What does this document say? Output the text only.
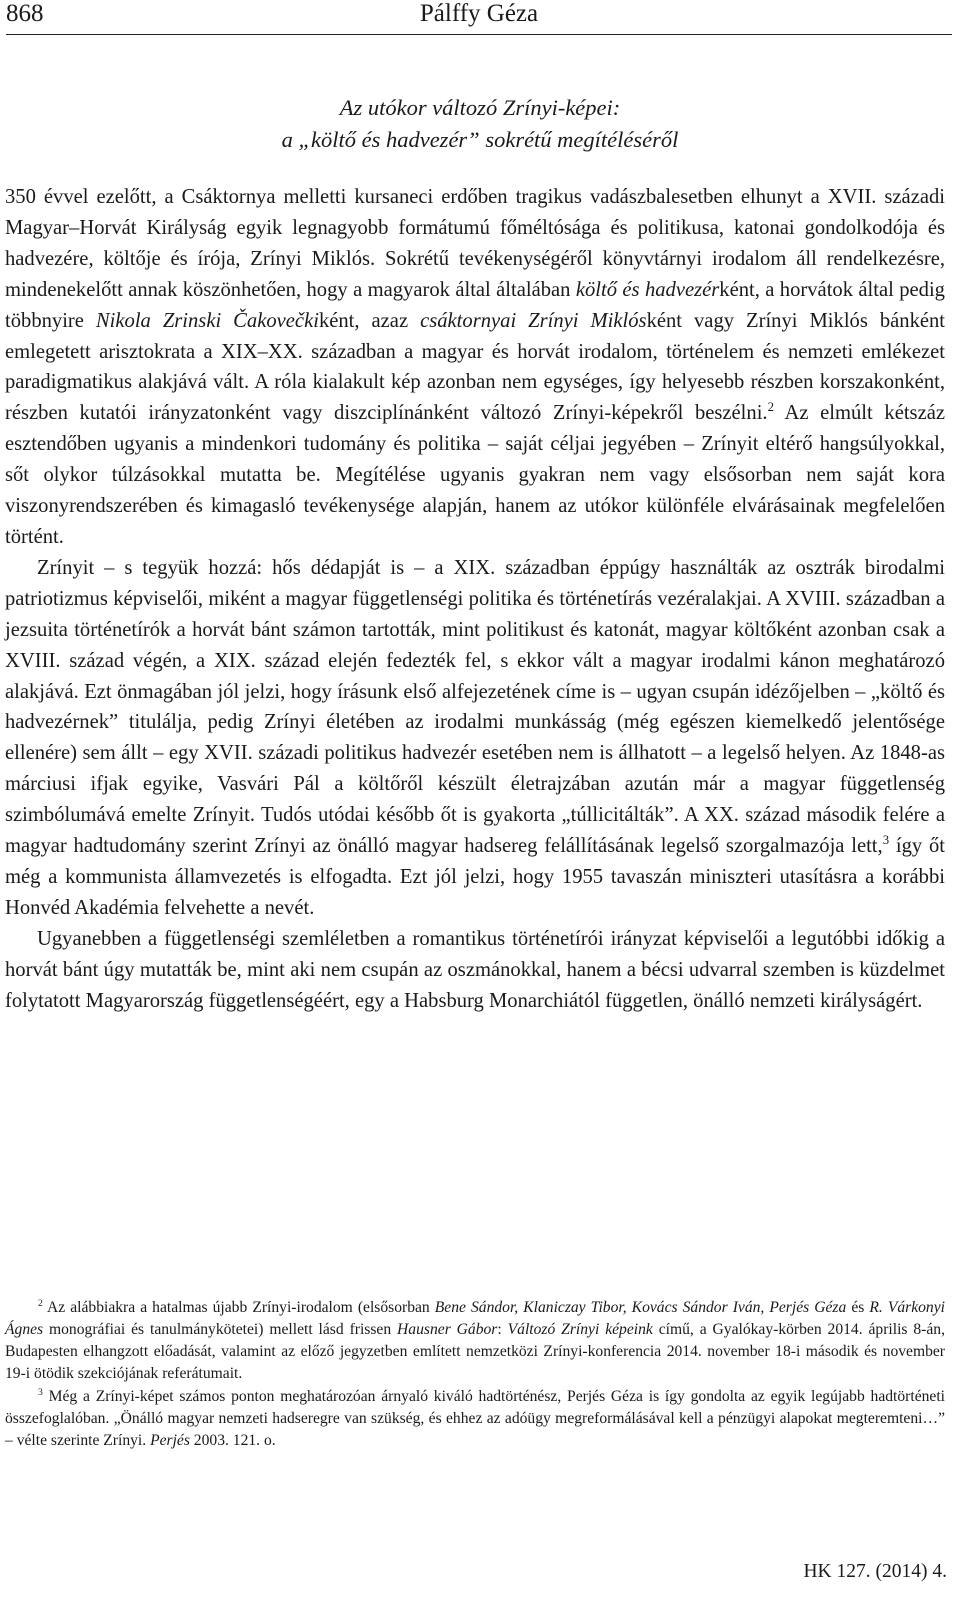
868	Pálffy Géza
Az utókor változó Zrínyi-képei:
a „költő és hadvezér” sokrétű megítéléséről

350 évvel ezelőtt, a Csáktornya melletti kursaneci erdőben tragikus vadászbalesetben elhunyt a XVII. századi Magyar–Horvát Királyság egyik legnagyobb formátumú főméltósága és politikusa, katonai gondolkodója és hadvezére, költője és írója, Zrínyi Miklós. Sokrétű tevékenységéről könyvtárnyi irodalom áll rendelkezésre, mindenekelőtt annak köszönhetően, hogy a magyarok által általában költő és hadvezérként, a horvátok által pedig többnyire Nikola Zrinski Čakovečkiként, azaz csáktornyai Zrínyi Miklósként vagy Zrínyi Miklós bánként emlegetett arisztokrata a XIX–XX. században a magyar és horvát irodalom, történelem és nemzeti emlékezet paradigmatikus alakjává vált. A róla kialakult kép azonban nem egységes, így helyesebb részben korszakonként, részben kutatói irányzatonként vagy diszciplínánként változó Zrínyi-képekről beszélni.$^2$ Az elmúlt kétszáz esztendőben ugyanis a mindenkori tudomány és politika – saját céljai jegyében – Zrínyit eltérő hangsúlyokkal, sőt olykor túlzásokkal mutatta be. Megítélése ugyanis gyakran nem vagy elsősorban nem saját kora viszonyrendszerében és kimagasló tevékenysége alapján, hanem az utókor különféle elvárásainak megfelelően történt.

Zrínyit – s tegyük hozzá: hős dédapját is – a XIX. században éppúgy használták az osztrák birodalmi patriotizmus képviselői, miként a magyar függetlenségi politika és történetírás vezéralakjai. A XVIII. században a jezsuita történetírók a horvát bánt számon tartották, mint politikust és katonát, magyar költőként azonban csak a XVIII. század végén, a XIX. század elején fedezték fel, s ekkor vált a magyar irodalmi kánon meghatározó alakjává. Ezt önmagában jól jelzi, hogy írásunk első alfejezetének címe is – ugyan csupán idézőjelben – „költő és hadvezérnek” titulálja, pedig Zrínyi életében az irodalmi munkásság (még egészen kiemelkedő jelentősége ellenére) sem állt – egy XVII. századi politikus hadvezér esetében nem is állhatott – a legelső helyen. Az 1848-as márciusi ifjak egyike, Vasvári Pál a költőről készült életrajzában azután már a magyar függetlenség szimbólumává emelte Zrínyit. Tudós utódai később őt is gyakorta „túllicitálták”. A XX. század második felére a magyar hadtudomány szerint Zrínyi az önálló magyar hadsereg felállításának legelső szorgalmazója lett,$^3$ így őt még a kommunista államvezetés is elfogadta. Ezt jól jelzi, hogy 1955 tavaszán miniszteri utasításra a korábbi Honvéd Akadémia felvehette a nevét.

Ugyanebben a függetlenségi szemléletben a romantikus történetírói irányzat képviselői a legutóbbi időkig a horvát bánt úgy mutatták be, mint aki nem csupán az oszmánokkal, hanem a bécsi udvarral szemben is küzdelmet folytatott Magyarország függetlenségéért, egy a Habsburg Monarchiától független, önálló nemzeti királyságért.

$^2$ Az alábbiakra a hatalmas újabb Zrínyi-irodalom (elsősorban Bene Sándor, Klaniczay Tibor, Kovács Sándor Iván, Perjés Géza és R. Várkonyi Ágnes monográfiai és tanulmánykötetei) mellett lásd frissen Hausner Gábor: Változó Zrínyi képeink című, a Gyalókay-körben 2014. április 8-án, Budapesten elhangzott előadását, valamint az előző jegyzetben említett nemzetközi Zrínyi-konferencia 2014. november 18-i második és november 19-i ötödik szekciójának referátumait.

$^3$ Még a Zrínyi-képet számos ponton meghatározóan árnyaló kiváló hadtörténész, Perjés Géza is így gondolta az egyik legújabb hadtörténeti összefoglalóban. „Önálló magyar nemzeti hadseregre van szükség, és ehhez az adóügy megreformálásával kell a pénzügyi alapokat megteremteni…” – vélte szerinte Zrínyi. Perjés 2003. 121. o.

HK 127. (2014) 4.
